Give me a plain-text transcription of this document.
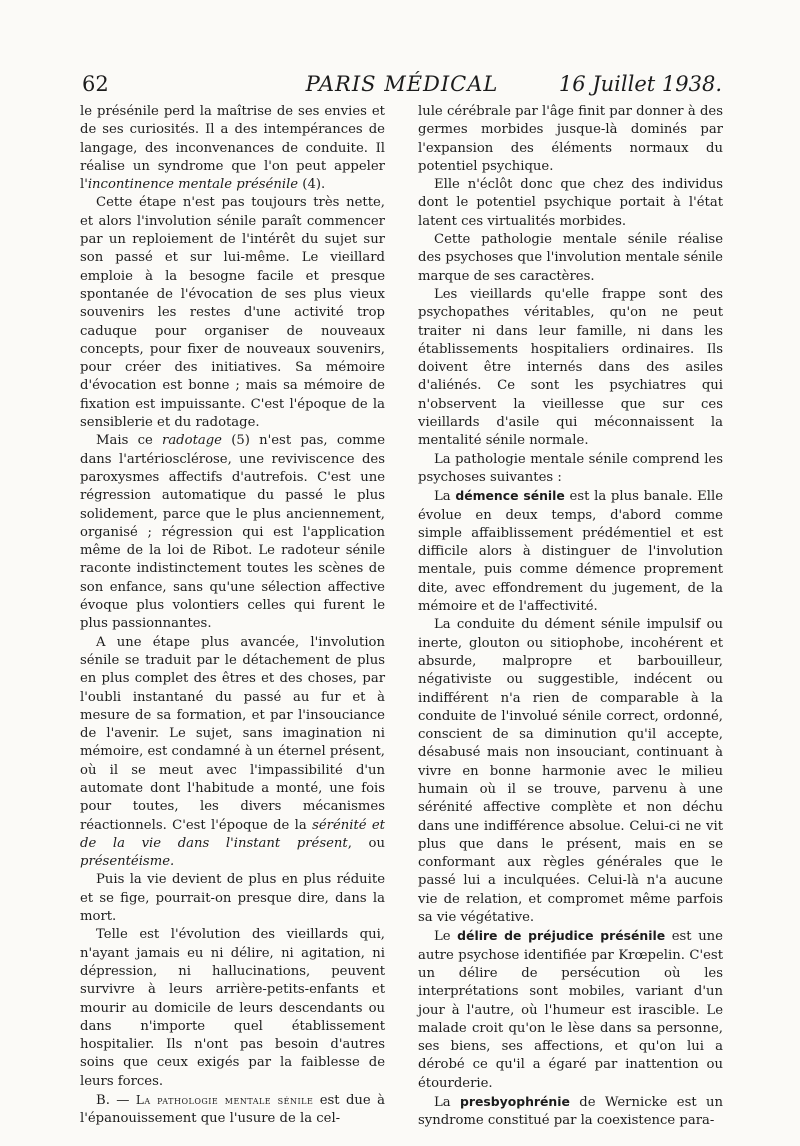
62	PARIS MÉDICAL	16 Juillet 1938.

le présénile perd la maîtrise de ses envies et de ses curiosités. Il a des intempérances de langage, des inconvenances de conduite. Il réalise un syndrome que l'on peut appeler l'incontinence mentale présénile (4).

Cette étape n'est pas toujours très nette, et alors l'involution sénile paraît commencer par un reploiement de l'intérêt du sujet sur son passé et sur lui-même. Le vieillard emploie à la besogne facile et presque spontanée de l'évocation de ses plus vieux souvenirs les restes d'une activité trop caduque pour organiser de nouveaux concepts, pour fixer de nouveaux souvenirs, pour créer des initiatives. Sa mémoire d'évocation est bonne ; mais sa mémoire de fixation est impuissante. C'est l'époque de la sensiblerie et du radotage.

Mais ce radotage (5) n'est pas, comme dans l'artériosclérose, une reviviscence des paroxysmes affectifs d'autrefois. C'est une régression automatique du passé le plus solidement, parce que le plus anciennement, organisé ; régression qui est l'application même de la loi de Ribot. Le radoteur sénile raconte indistinctement toutes les scènes de son enfance, sans qu'une sélection affective évoque plus volontiers celles qui furent le plus passionnantes.

A une étape plus avancée, l'involution sénile se traduit par le détachement de plus en plus complet des êtres et des choses, par l'oubli instantané du passé au fur et à mesure de sa formation, et par l'insouciance de l'avenir. Le sujet, sans imagination ni mémoire, est condamné à un éternel présent, où il se meut avec l'impassibilité d'un automate dont l'habitude a monté, une fois pour toutes, les divers mécanismes réactionnels. C'est l'époque de la sérénité et de la vie dans l'instant présent, ou présentéisme.

Puis la vie devient de plus en plus réduite et se fige, pourrait-on presque dire, dans la mort.

Telle est l'évolution des vieillards qui, n'ayant jamais eu ni délire, ni agitation, ni dépression, ni hallucinations, peuvent survivre à leurs arrière-petits-enfants et mourir au domicile de leurs descendants ou dans n'importe quel établissement hospitalier. Ils n'ont pas besoin d'autres soins que ceux exigés par la faiblesse de leurs forces.

B. — La pathologie mentale sénile est due à l'épanouissement que l'usure de la cel-

lule cérébrale par l'âge finit par donner à des germes morbides jusque-là dominés par l'expansion des éléments normaux du potentiel psychique.

Elle n'éclôt donc que chez des individus dont le potentiel psychique portait à l'état latent ces virtualités morbides.

Cette pathologie mentale sénile réalise des psychoses que l'involution mentale sénile marque de ses caractères.

Les vieillards qu'elle frappe sont des psychopathes véritables, qu'on ne peut traiter ni dans leur famille, ni dans les établissements hospitaliers ordinaires. Ils doivent être internés dans des asiles d'aliénés. Ce sont les psychiatres qui n'observent la vieillesse que sur ces vieillards d'asile qui méconnaissent la mentalité sénile normale.

La pathologie mentale sénile comprend les psychoses suivantes :

La démence sénile est la plus banale. Elle évolue en deux temps, d'abord comme simple affaiblissement prédémentiel et est difficile alors à distinguer de l'involution mentale, puis comme démence proprement dite, avec effondrement du jugement, de la mémoire et de l'affectivité.

La conduite du dément sénile impulsif ou inerte, glouton ou sitiophobe, incohérent et absurde, malpropre et barbouilleur, négativiste ou suggestible, indécent ou indifférent n'a rien de comparable à la conduite de l'involué sénile correct, ordonné, conscient de sa diminution qu'il accepte, désabusé mais non insouciant, continuant à vivre en bonne harmonie avec le milieu humain où il se trouve, parvenu à une sérénité affective complète et non déchu dans une indifférence absolue. Celui-ci ne vit plus que dans le présent, mais en se conformant aux règles générales que le passé lui a inculquées. Celui-là n'a aucune vie de relation, et compromet même parfois sa vie végétative.

Le délire de préjudice présénile est une autre psychose identifiée par Krœpelin. C'est un délire de persécution où les interprétations sont mobiles, variant d'un jour à l'autre, où l'humeur est irascible. Le malade croit qu'on le lèse dans sa personne, ses biens, ses affections, et qu'on lui a dérobé ce qu'il a égaré par inattention ou étourderie.

La presbyophrénie de Wernicke est un syndrome constitué par la coexistence para-
